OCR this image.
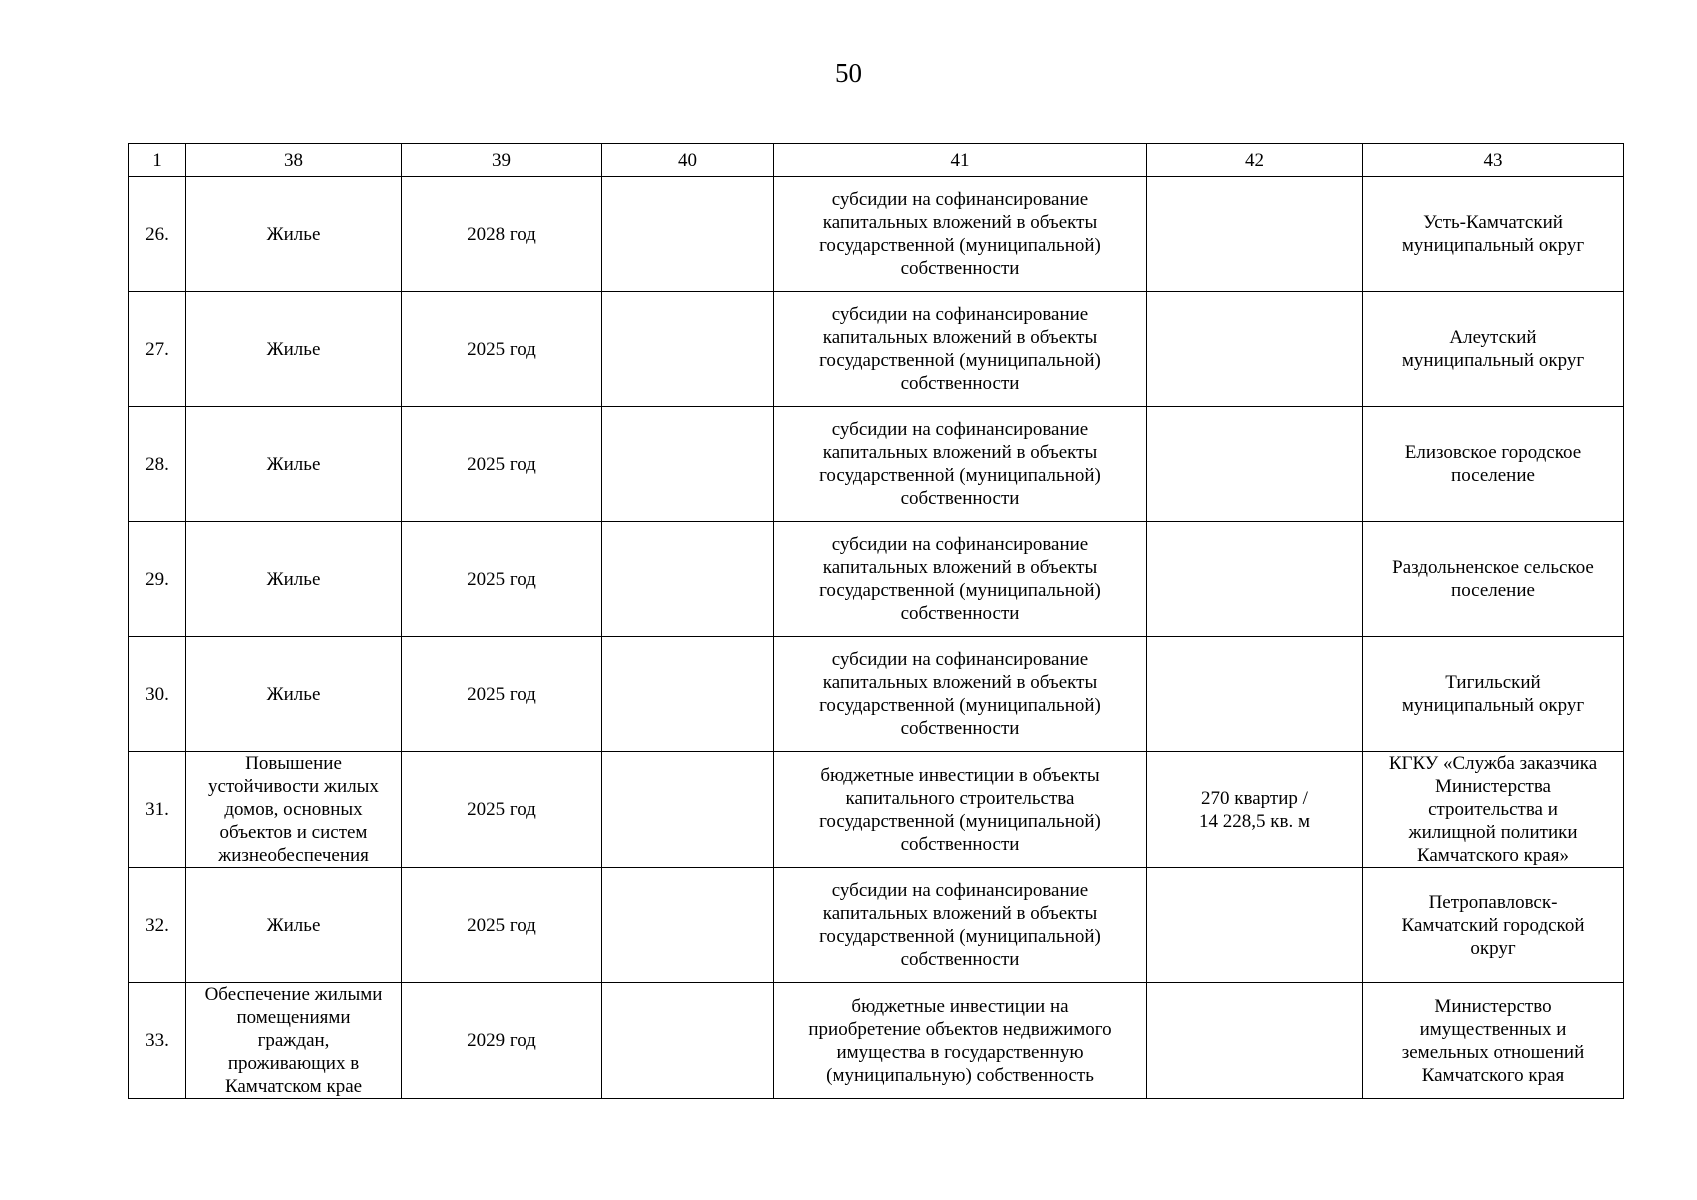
50
1	38	39	40	41	42	43
26.	Жилье	2028 год		субсидии на софинансирование
капитальных вложений в объекты
государственной (муниципальной)
собственности		Усть-Камчатский
муниципальный округ
27.	Жилье	2025 год		субсидии на софинансирование
капитальных вложений в объекты
государственной (муниципальной)
собственности		Алеутский
муниципальный округ
28.	Жилье	2025 год		субсидии на софинансирование
капитальных вложений в объекты
государственной (муниципальной)
собственности		Елизовское городское
поселение
29.	Жилье	2025 год		субсидии на софинансирование
капитальных вложений в объекты
государственной (муниципальной)
собственности		Раздольненское сельское
поселение
30.	Жилье	2025 год		субсидии на софинансирование
капитальных вложений в объекты
государственной (муниципальной)
собственности		Тигильский
муниципальный округ
31.	Повышение
устойчивости жилых
домов, основных
объектов и систем
жизнеобеспечения	2025 год		бюджетные инвестиции в объекты
капитального строительства
государственной (муниципальной)
собственности	270 квартир /
14 228,5 кв. м	КГКУ «Служба заказчика
Министерства
строительства и
жилищной политики
Камчатского края»
32.	Жилье	2025 год		субсидии на софинансирование
капитальных вложений в объекты
государственной (муниципальной)
собственности		Петропавловск-
Камчатский городской
округ
33.	Обеспечение жилыми
помещениями
граждан,
проживающих в
Камчатском крае	2029 год		бюджетные инвестиции на
приобретение объектов недвижимого
имущества в государственную
(муниципальную) собственность		Министерство
имущественных и
земельных отношений
Камчатского края
